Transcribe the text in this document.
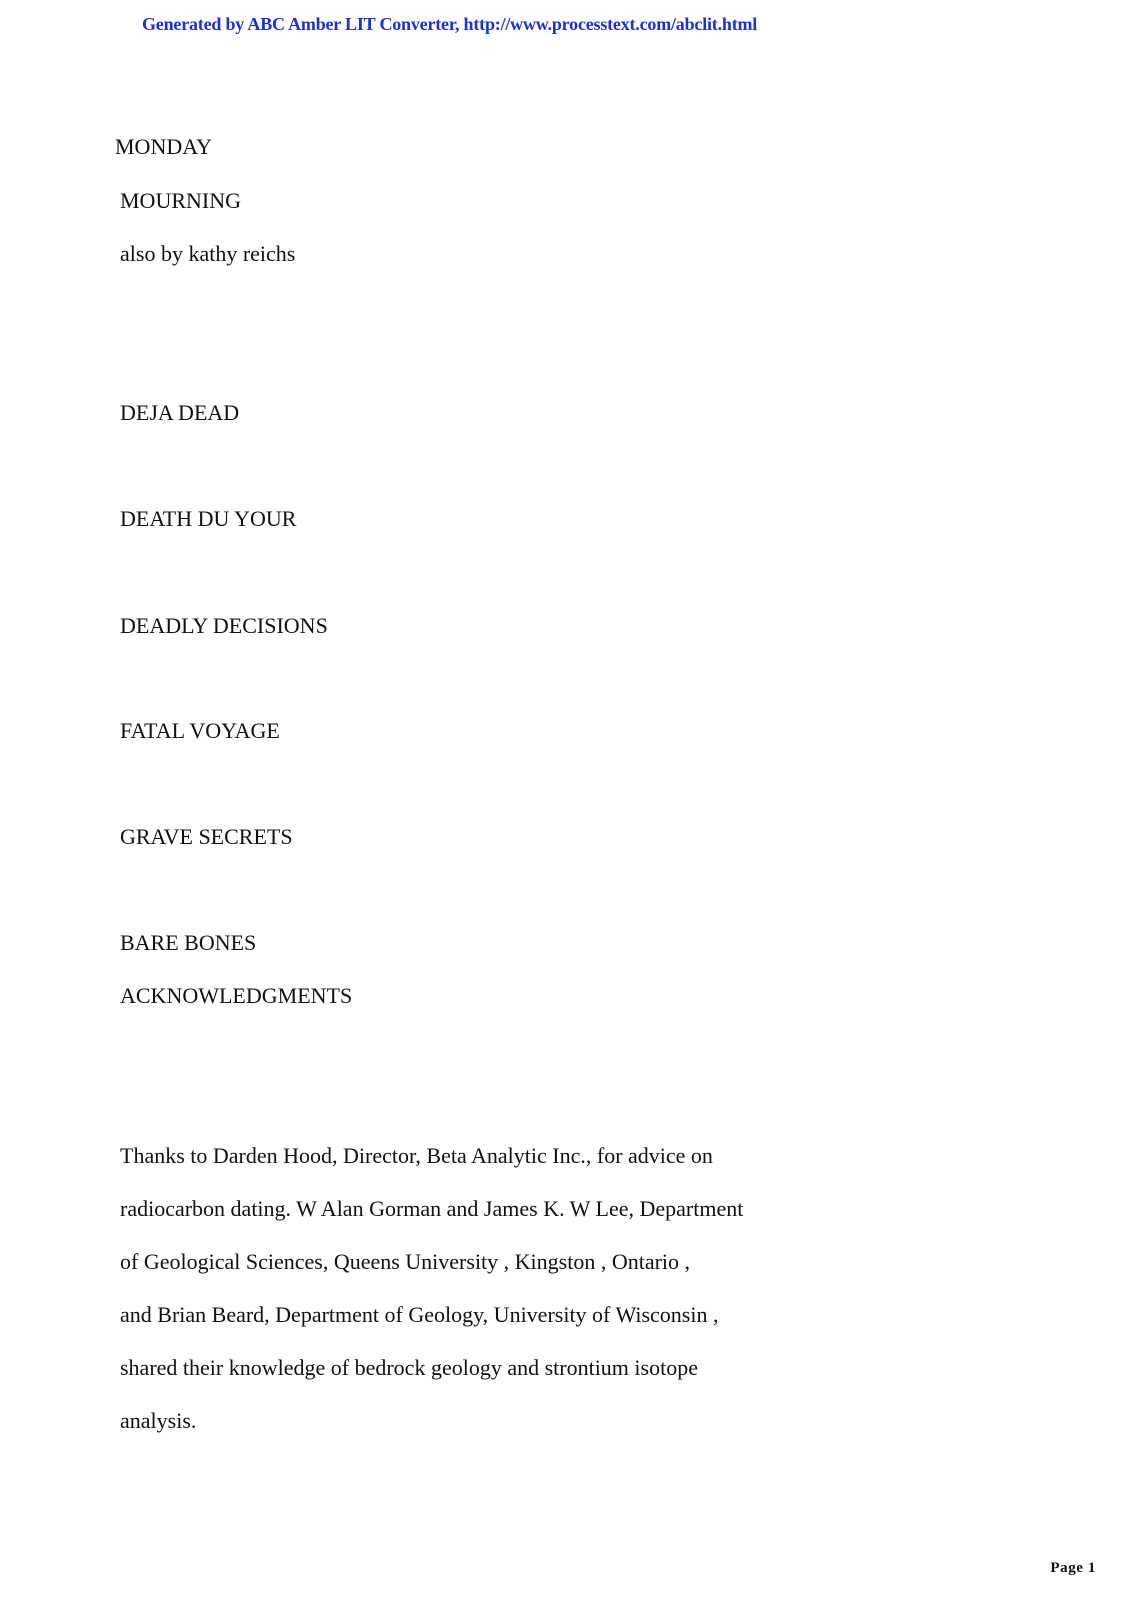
Generated by ABC Amber LIT Converter, http://www.processtext.com/abclit.html
MONDAY
MOURNING
also by kathy reichs
DEJA DEAD
DEATH DU YOUR
DEADLY DECISIONS
FATAL VOYAGE
GRAVE SECRETS
BARE BONES
ACKNOWLEDGMENTS
Thanks to Darden Hood, Director, Beta Analytic Inc., for advice on
radiocarbon dating. W Alan Gorman and James K. W Lee, Department
of Geological Sciences, Queens University , Kingston , Ontario ,
and Brian Beard, Department of Geology, University of Wisconsin ,
shared their knowledge of bedrock geology and strontium isotope
analysis.
Page 1
